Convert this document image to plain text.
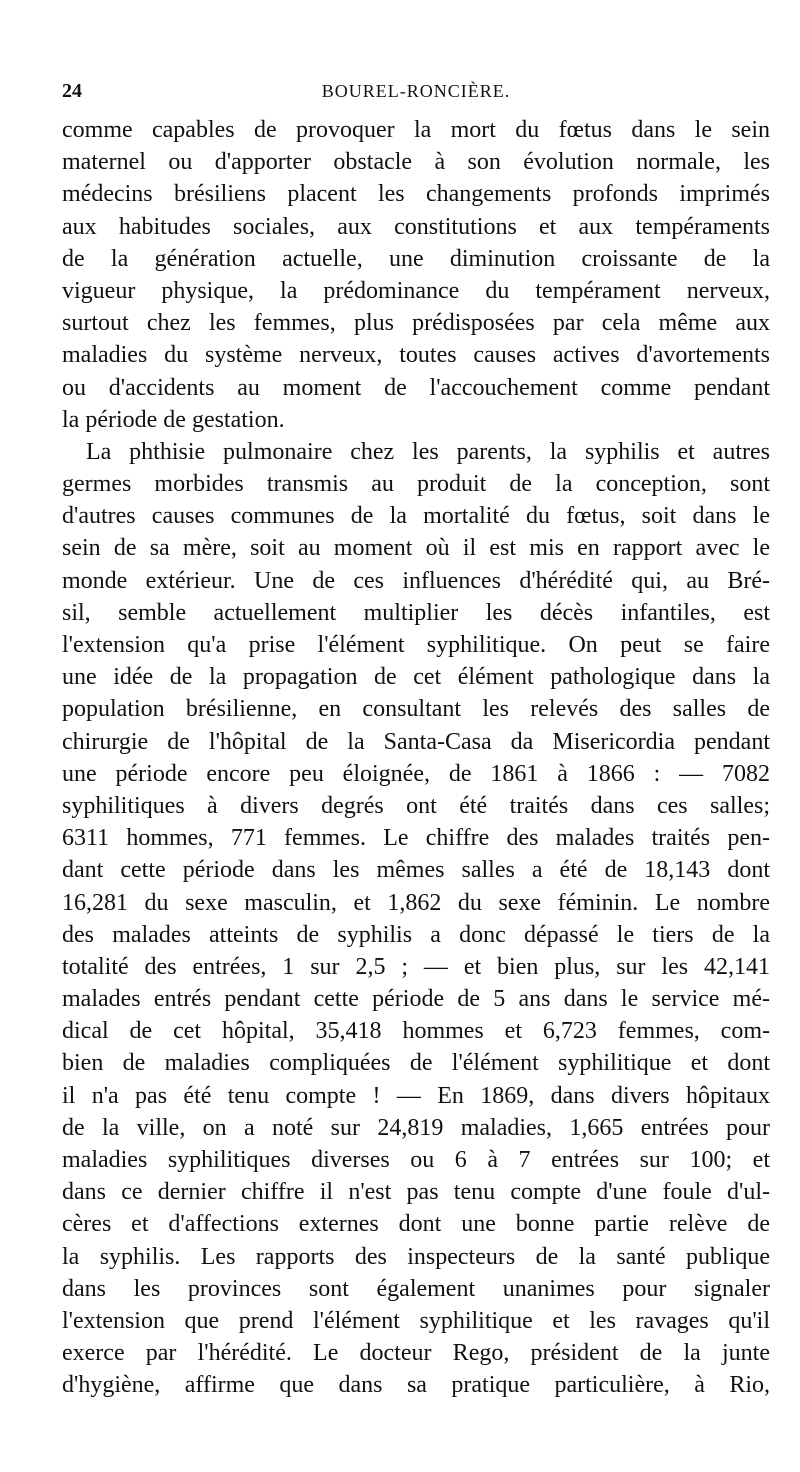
24	BOUREL-RONCIÈRE.
comme capables de provoquer la mort du fœtus dans le sein
maternel ou d'apporter obstacle à son évolution normale, les
médecins brésiliens placent les changements profonds imprimés
aux habitudes sociales, aux constitutions et aux tempéraments
de la génération actuelle, une diminution croissante de la
vigueur physique, la prédominance du tempérament nerveux,
surtout chez les femmes, plus prédisposées par cela même aux
maladies du système nerveux, toutes causes actives d'avortements
ou d'accidents au moment de l'accouchement comme pendant
la période de gestation.
La phthisie pulmonaire chez les parents, la syphilis et autres
germes morbides transmis au produit de la conception, sont
d'autres causes communes de la mortalité du fœtus, soit dans le
sein de sa mère, soit au moment où il est mis en rapport avec le
monde extérieur. Une de ces influences d'hérédité qui, au Bré-
sil, semble actuellement multiplier les décès infantiles, est
l'extension qu'a prise l'élément syphilitique. On peut se faire
une idée de la propagation de cet élément pathologique dans la
population brésilienne, en consultant les relevés des salles de
chirurgie de l'hôpital de la Santa-Casa da Misericordia pendant
une période encore peu éloignée, de 1861 à 1866 : — 7082
syphilitiques à divers degrés ont été traités dans ces salles;
6311 hommes, 771 femmes. Le chiffre des malades traités pen-
dant cette période dans les mêmes salles a été de 18,143 dont
16,281 du sexe masculin, et 1,862 du sexe féminin. Le nombre
des malades atteints de syphilis a donc dépassé le tiers de la
totalité des entrées, 1 sur 2,5 ; — et bien plus, sur les 42,141
malades entrés pendant cette période de 5 ans dans le service mé-
dical de cet hôpital, 35,418 hommes et 6,723 femmes, com-
bien de maladies compliquées de l'élément syphilitique et dont
il n'a pas été tenu compte ! — En 1869, dans divers hôpitaux
de la ville, on a noté sur 24,819 maladies, 1,665 entrées pour
maladies syphilitiques diverses ou 6 à 7 entrées sur 100; et
dans ce dernier chiffre il n'est pas tenu compte d'une foule d'ul-
cères et d'affections externes dont une bonne partie relève de
la syphilis. Les rapports des inspecteurs de la santé publique
dans les provinces sont également unanimes pour signaler
l'extension que prend l'élément syphilitique et les ravages qu'il
exerce par l'hérédité. Le docteur Rego, président de la junte
d'hygiène, affirme que dans sa pratique particulière, à Rio,
